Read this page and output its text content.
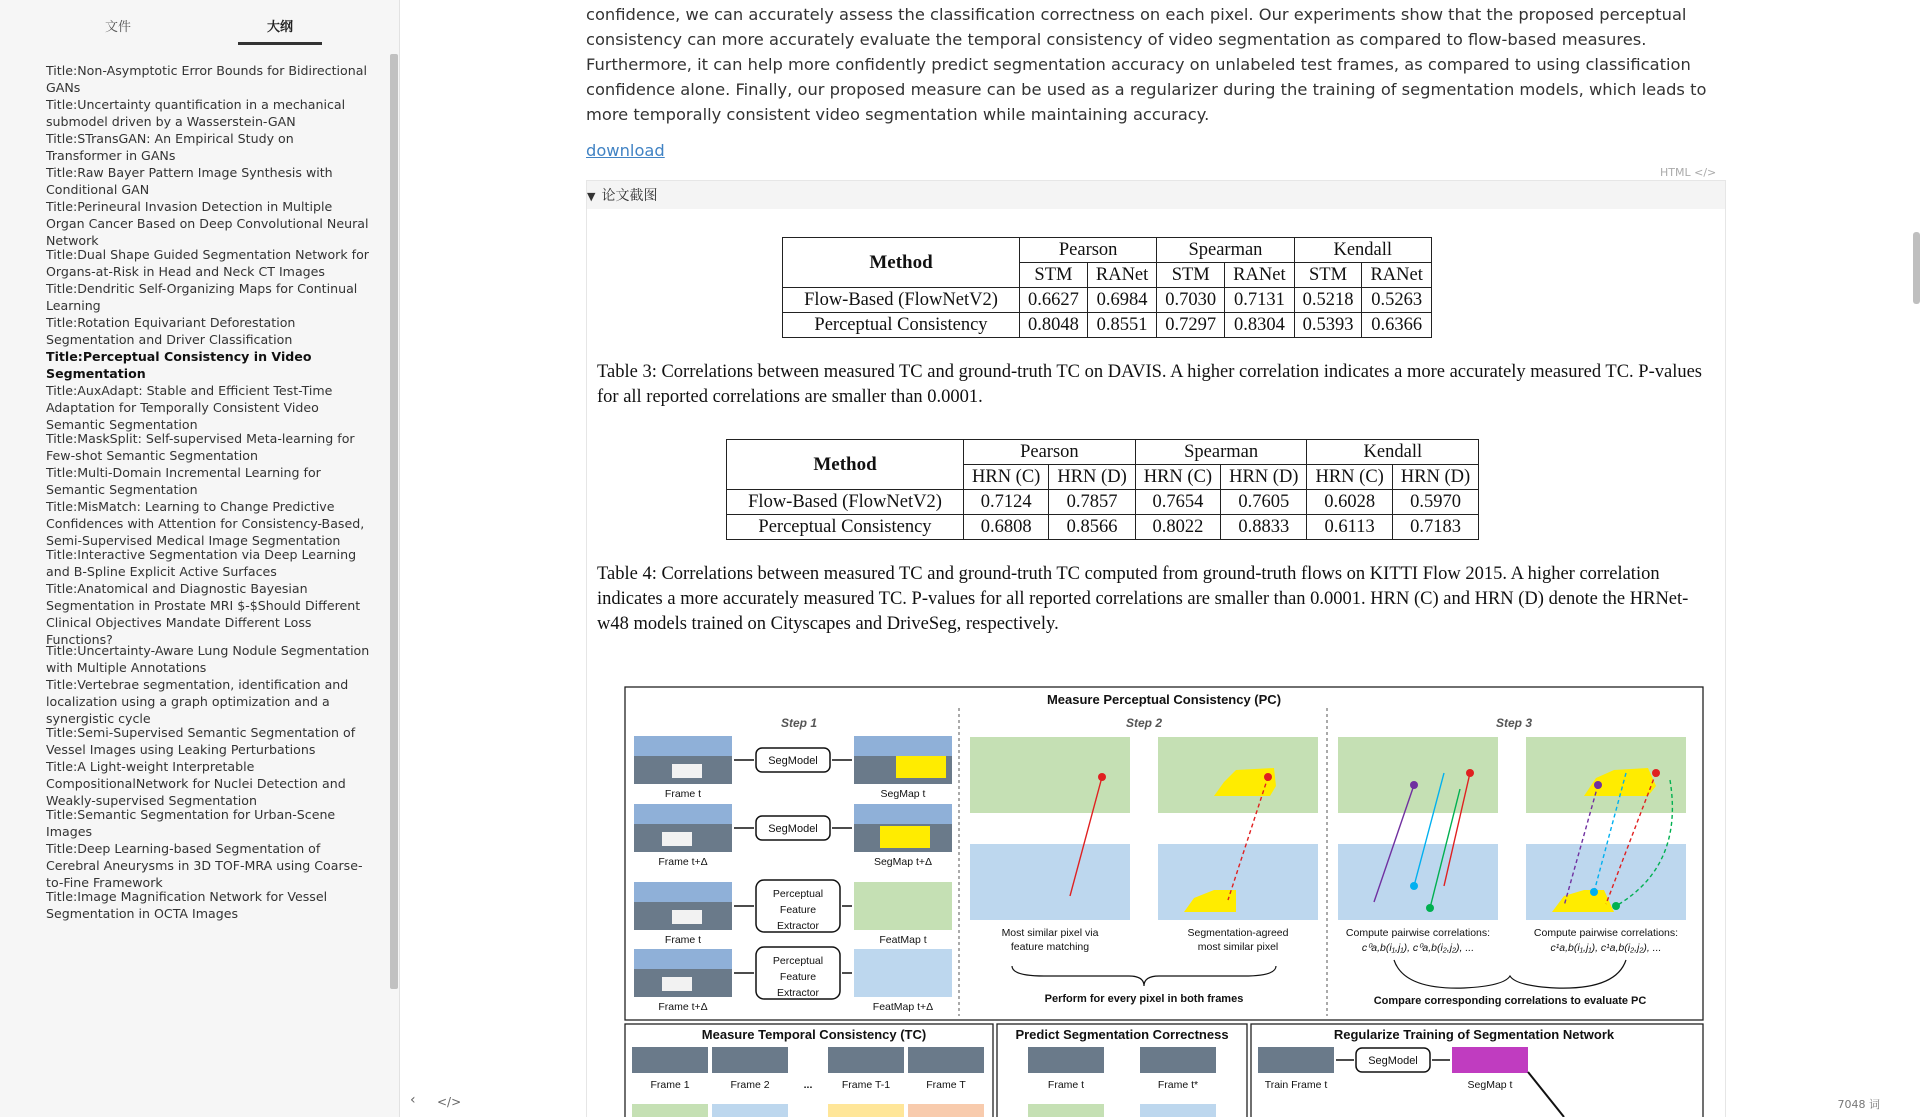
文件	大纲
Title:Non-Asymptotic Error Bounds for Bidirectional GANs
Title:Uncertainty quantification in a mechanical submodel driven by a Wasserstein-GAN
Title:STransGAN: An Empirical Study on Transformer in GANs
Title:Raw Bayer Pattern Image Synthesis with Conditional GAN
Title:Perineural Invasion Detection in Multiple Organ Cancer Based on Deep Convolutional Neural Network
Title:Dual Shape Guided Segmentation Network for Organs-at-Risk in Head and Neck CT Images
Title:Dendritic Self-Organizing Maps for Continual Learning
Title:Rotation Equivariant Deforestation Segmentation and Driver Classification
Title:Perceptual Consistency in Video Segmentation
Title:AuxAdapt: Stable and Efficient Test-Time Adaptation for Temporally Consistent Video Semantic Segmentation
Title:MaskSplit: Self-supervised Meta-learning for Few-shot Semantic Segmentation
Title:Multi-Domain Incremental Learning for Semantic Segmentation
Title:MisMatch: Learning to Change Predictive Confidences with Attention for Consistency-Based, Semi-Supervised Medical Image Segmentation
Title:Interactive Segmentation via Deep Learning and B-Spline Explicit Active Surfaces
Title:Anatomical and Diagnostic Bayesian Segmentation in Prostate MRI $-$Should Different Clinical Objectives Mandate Different Loss Functions?
Title:Uncertainty-Aware Lung Nodule Segmentation with Multiple Annotations
Title:Vertebrae segmentation, identification and localization using a graph optimization and a synergistic cycle
Title:Semi-Supervised Semantic Segmentation of Vessel Images using Leaking Perturbations
Title:A Light-weight Interpretable CompositionalNetwork for Nuclei Detection and Weakly-supervised Segmentation
Title:Semantic Segmentation for Urban-Scene Images
Title:Deep Learning-based Segmentation of Cerebral Aneurysms in 3D TOF-MRA using Coarse-to-Fine Framework
Title:Image Magnification Network for Vessel Segmentation in OCTA Images
‹ </>

confidence, we can accurately assess the classification correctness on each pixel. Our experiments show that the proposed perceptual consistency can more accurately evaluate the temporal consistency of video segmentation as compared to flow-based measures. Furthermore, it can help more confidently predict segmentation accuracy on unlabeled test frames, as compared to using classification confidence alone. Finally, our proposed measure can be used as a regularizer during the training of segmentation models, which leads to more temporally consistent video segmentation while maintaining accuracy.

download
▼ 论文截图
HTML </>
Method	Pearson		Spearman		Kendall	
	STM	RANet	STM	RANet	STM	RANet
Flow-Based (FlowNetV2)	0.6627	0.6984	0.7030	0.7131	0.5218	0.5263
Perceptual Consistency	0.8048	0.8551	0.7297	0.8304	0.5393	0.6366
Table 3: Correlations between measured TC and ground-truth TC on DAVIS. A higher correlation indicates a more accurately measured TC. P-values for all reported correlations are smaller than 0.0001.
Method	Pearson		Spearman		Kendall	
	HRN (C)	HRN (D)	HRN (C)	HRN (D)	HRN (C)	HRN (D)
Flow-Based (FlowNetV2)	0.7124	0.7857	0.7654	0.7605	0.6028	0.5970
Perceptual Consistency	0.6808	0.8566	0.8022	0.8833	0.6113	0.7183
Table 4: Correlations between measured TC and ground-truth TC computed from ground-truth flows on KITTI Flow 2015. A higher correlation indicates a more accurately measured TC. P-values for all reported correlations are smaller than 0.0001. HRN (C) and HRN (D) denote the HRNet-w48 models trained on Cityscapes and DriveSeg, respectively.
Measure Perceptual Consistency (PC)
Step 1	Step 2	Step 3
Frame t
SegModel
SegMap t
Frame t+Δ
SegModel
SegMap t+Δ
Frame t
Perceptual
Feature
Extractor
FeatMap t
Frame t+Δ
Perceptual
Feature
Extractor
FeatMap t+Δ
Most similar pixel via
feature matching
Segmentation-agreed
most similar pixel
Perform for every pixel in both frames
Compute pairwise correlations:
c⁰a,b(i₁,j₁), c⁰a,b(i₂,j₂), ...
Compute pairwise correlations:
c¹a,b(i₁,j₁), c¹a,b(i₂,j₂), ...
Compare corresponding correlations to evaluate PC
Measure Temporal Consistency (TC)
Frame 1	Frame 2	...	Frame T-1	Frame T
Predict Segmentation Correctness
Frame t	Frame t*
Regularize Training of Segmentation Network
Train Frame t
SegModel
SegMap t
7048 词
